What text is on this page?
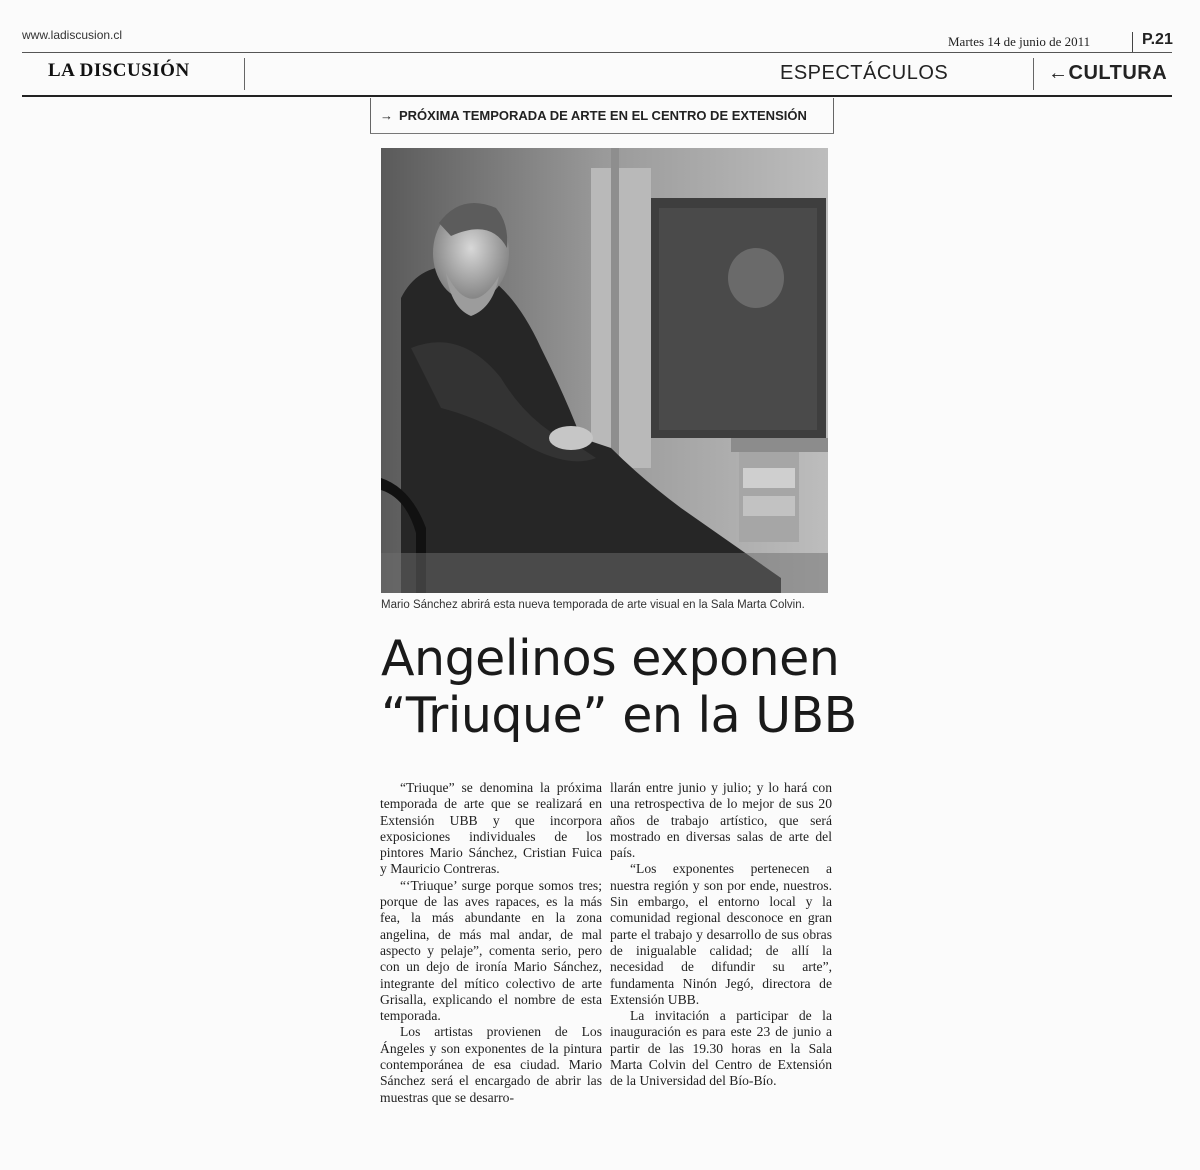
www.ladiscusion.cl	Martes 14 de junio de 2011	P.21
LA DISCUSIÓN	ESPECTÁCULOS	←CULTURA
→ PRÓXIMA TEMPORADA DE ARTE EN EL CENTRO DE EXTENSIÓN
Mario Sánchez abrirá esta nueva temporada de arte visual en la Sala Marta Colvin.
Angelinos exponen
“Triuque” en la UBB

“Triuque” se denomina la próxima temporada de arte que se realizará en Extensión UBB y que incorpora exposiciones individuales de los pintores Mario Sánchez, Cristian Fuica y Mauricio Contreras.

“‘Triuque’ surge porque somos tres; porque de las aves rapaces, es la más fea, la más abundante en la zona angelina, de más mal andar, de mal aspecto y pelaje”, comenta serio, pero con un dejo de ironía Mario Sánchez, integrante del mítico colectivo de arte Grisalla, explicando el nombre de esta temporada.

Los artistas provienen de Los Ángeles y son exponentes de la pintura contemporánea de esa ciudad. Mario Sánchez será el encargado de abrir las muestras que se desarro-

llarán entre junio y julio; y lo hará con una retrospectiva de lo mejor de sus 20 años de trabajo artístico, que será mostrado en diversas salas de arte del país.

“Los exponentes pertenecen a nuestra región y son por ende, nuestros. Sin embargo, el entorno local y la comunidad regional desconoce en gran parte el trabajo y desarrollo de sus obras de inigualable calidad; de allí la necesidad de difundir su arte”, fundamenta Ninón Jegó, directora de Extensión UBB.

La invitación a participar de la inauguración es para este 23 de junio a partir de las 19.30 horas en la Sala Marta Colvin del Centro de Extensión de la Universidad del Bío-Bío.
